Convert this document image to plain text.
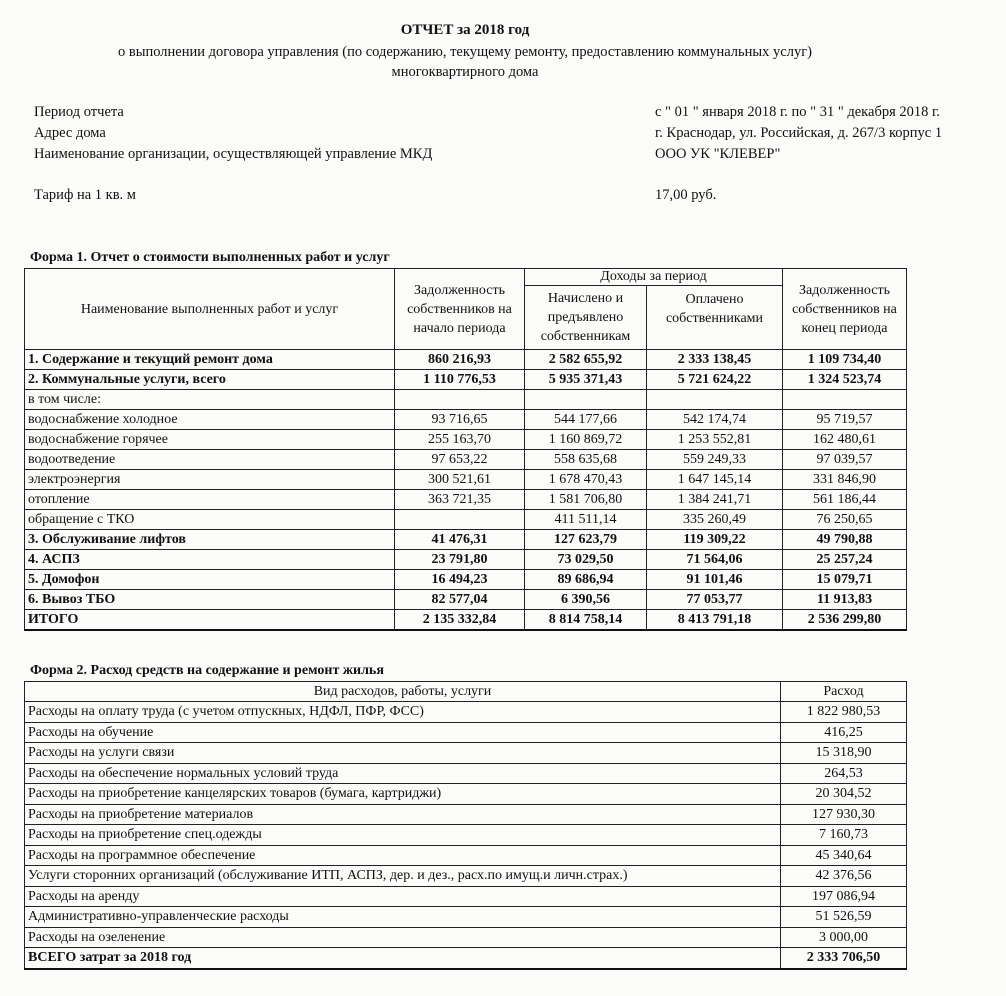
ОТЧЕТ за 2018 год
о выполнении договора управления (по содержанию, текущему ремонту, предоставлению коммунальных услуг)
многоквартирного дома
Период отчета	с " 01 " января 2018 г. по " 31 " декабря 2018 г.
Адрес дома	г. Краснодар, ул. Российская, д. 267/3 корпус 1
Наименование организации, осуществляющей управление МКД	ООО УК "КЛЕВЕР"
Тариф на 1 кв. м	17,00 руб.
Форма 1. Отчет о стоимости выполненных работ и услуг
Наименование выполненных работ и услуг	Задолженность собственников на начало периода	Доходы за период		Задолженность собственников на конец периода
		Начислено и предъявлено собственникам	Оплачено собственниками	
1. Содержание и текущий ремонт дома	860 216,93	2 582 655,92	2 333 138,45	1 109 734,40
2. Коммунальные услуги, всего	1 110 776,53	5 935 371,43	5 721 624,22	1 324 523,74
в том числе:				
водоснабжение холодное	93 716,65	544 177,66	542 174,74	95 719,57
водоснабжение горячее	255 163,70	1 160 869,72	1 253 552,81	162 480,61
водоотведение	97 653,22	558 635,68	559 249,33	97 039,57
электроэнергия	300 521,61	1 678 470,43	1 647 145,14	331 846,90
отопление	363 721,35	1 581 706,80	1 384 241,71	561 186,44
обращение с ТКО		411 511,14	335 260,49	76 250,65
3. Обслуживание лифтов	41 476,31	127 623,79	119 309,22	49 790,88
4. АСПЗ	23 791,80	73 029,50	71 564,06	25 257,24
5. Домофон	16 494,23	89 686,94	91 101,46	15 079,71
6. Вывоз ТБО	82 577,04	6 390,56	77 053,77	11 913,83
ИТОГО	2 135 332,84	8 814 758,14	8 413 791,18	2 536 299,80
Форма 2. Расход средств на содержание и ремонт жилья
Вид расходов, работы, услуги	Расход
Расходы на оплату труда (с учетом отпускных, НДФЛ, ПФР, ФСС)	1 822 980,53
Расходы на обучение	416,25
Расходы на услуги связи	15 318,90
Расходы на обеспечение нормальных условий труда	264,53
Расходы на приобретение канцелярских товаров (бумага, картриджи)	20 304,52
Расходы на приобретение материалов	127 930,30
Расходы на приобретение спец.одежды	7 160,73
Расходы на программное обеспечение	45 340,64
Услуги сторонних организаций (обслуживание ИТП, АСПЗ, дер. и дез., расх.по имущ.и личн.страх.)	42 376,56
Расходы на аренду	197 086,94
Административно-управленческие расходы	51 526,59
Расходы на озеленение	3 000,00
ВСЕГО затрат за 2018 год	2 333 706,50
